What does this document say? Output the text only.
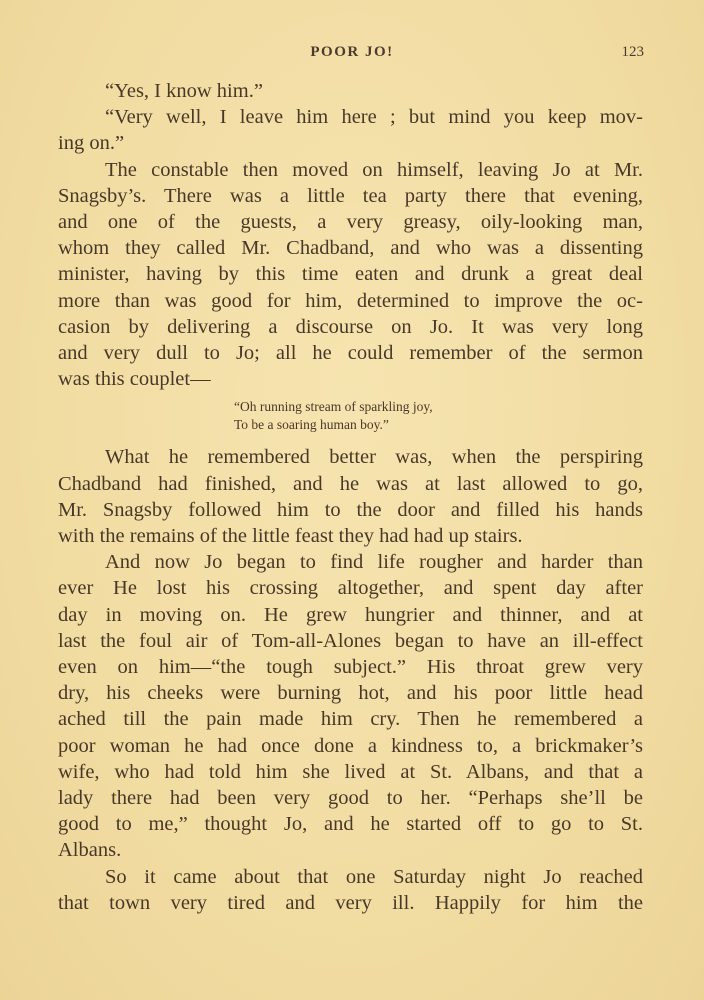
POOR JO!	123
“Yes, I know him.”
“Very well, I leave him here ; but mind you keep mov-
ing on.”
The constable then moved on himself, leaving Jo at Mr.
Snagsby’s. There was a little tea party there that evening,
and one of the guests, a very greasy, oily-looking man,
whom they called Mr. Chadband, and who was a dissenting
minister, having by this time eaten and drunk a great deal
more than was good for him, determined to improve the oc-
casion by delivering a discourse on Jo. It was very long
and very dull to Jo; all he could remember of the sermon
was this couplet—
“Oh running stream of sparkling joy,
To be a soaring human boy.”
What he remembered better was, when the perspiring
Chadband had finished, and he was at last allowed to go,
Mr. Snagsby followed him to the door and filled his hands
with the remains of the little feast they had had up stairs.
And now Jo began to find life rougher and harder than
ever He lost his crossing altogether, and spent day after
day in moving on. He grew hungrier and thinner, and at
last the foul air of Tom-all-Alones began to have an ill-effect
even on him—“the tough subject.” His throat grew very
dry, his cheeks were burning hot, and his poor little head
ached till the pain made him cry. Then he remembered a
poor woman he had once done a kindness to, a brickmaker’s
wife, who had told him she lived at St. Albans, and that a
lady there had been very good to her. “Perhaps she’ll be
good to me,” thought Jo, and he started off to go to St.
Albans.
So it came about that one Saturday night Jo reached
that town very tired and very ill. Happily for him the
